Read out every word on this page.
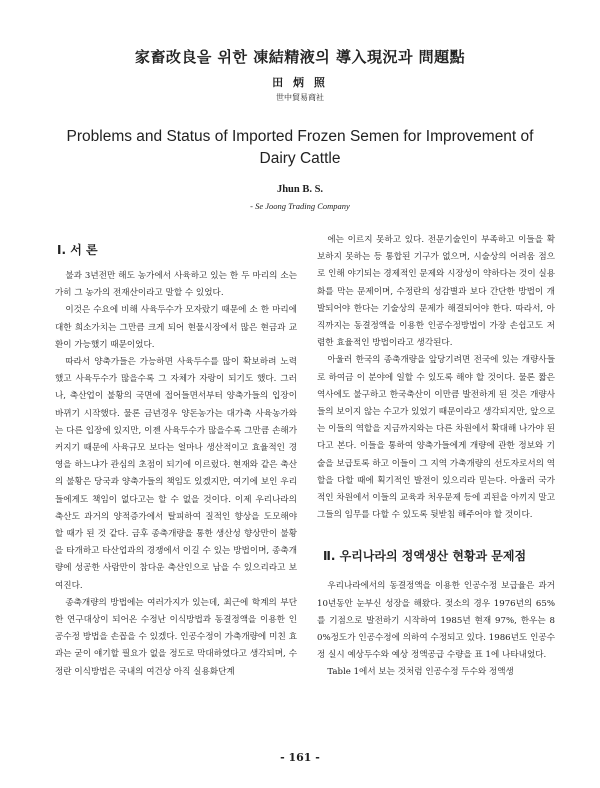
家畜改良을 위한 凍結精液의 導入現況과 問題點
田 炳 照
世中貿易商社
Problems and Status of Imported Frozen Semen for Improvement of Dairy Cattle
Jhun B. S.
- Se Joong Trading Company
Ⅰ. 서 론

불과 3년전만 해도 농가에서 사육하고 있는 한 두 마리의 소는 가히 그 농가의 전재산이라고 말할 수 있었다.

이것은 수요에 비해 사육두수가 모자랐기 때문에 소 한 마리에 대한 희소가치는 그만큼 크게 되어 현물시장에서 많은 현금과 교환이 가능했기 때문이었다.

따라서 양축가들은 가능하면 사육두수를 많이 확보하려 노력했고 사육두수가 많을수록 그 자체가 자랑이 되기도 했다. 그러나, 축산업이 불황의 국면에 접어들면서부터 양축가들의 입장이 바뀌기 시작했다. 물론 금년경우 양돈농가는 대가축 사육농가와는 다른 입장에 있지만, 이젠 사육두수가 많을수록 그만큼 손해가 커지기 때문에 사육규모 보다는 얼마나 생산적이고 효율적인 경영을 하느냐가 관심의 초점이 되기에 이르렀다. 현재와 같은 축산의 불황은 당국과 양축가들의 책임도 있겠지만, 여기에 보인 우리들에게도 책임이 없다고는 할 수 없을 것이다. 이제 우리나라의 축산도 과거의 양적증가에서 탈피하여 질적인 향상을 도모해야 할 때가 된 것 같다. 금후 종축개량을 통한 생산성 향상만이 불황을 타개하고 타산업과의 경쟁에서 이길 수 있는 방법이며, 종축개량에 성공한 사람만이 참다운 축산인으로 남을 수 있으리라고 보여진다.

종축개량의 방법에는 여러가지가 있는데, 최근에 학계의 부단한 연구대상이 되어온 수정난 이식방법과 동결정액을 이용한 인공수정 방법을 손꼽을 수 있겠다. 인공수정이 가축개량에 미친 효과는 굳이 얘기할 필요가 없을 정도로 막대하였다고 생각되며, 수정란 이식방법은 국내의 여건상 아직 실용화단계

에는 이르지 못하고 있다. 전문기술인이 부족하고 이들을 확보하지 못하는 등 통합된 기구가 없으며, 시술상의 어려움 점으로 인해 야기되는 경제적인 문제와 시장성이 약하다는 것이 실용화를 막는 문제이며, 수정란의 성감별과 보다 간단한 방법이 개발되어야 한다는 기술상의 문제가 해결되어야 한다. 따라서, 아직까지는 동결정액을 이용한 인공수정방법이 가장 손쉽고도 저렴한 효율적인 방법이라고 생각된다.

아울러 한국의 종축개량을 앞당기려면 전국에 있는 개량사들로 하여금 이 분야에 일할 수 있도록 해야 할 것이다. 물론 짧은 역사에도 불구하고 한국축산이 이만큼 발전하게 된 것은 개량사들의 보이지 않는 수고가 있었기 때문이라고 생각되지만, 앞으로는 이들의 역할을 지금까지와는 다른 차원에서 확대해 나가야 된다고 본다. 이들을 통하여 양축가들에게 개량에 관한 정보와 기술을 보급토록 하고 이들이 그 지역 가축개량의 선도자로서의 역할을 다할 때에 획기적인 발전이 있으리라 믿는다. 아울러 국가적인 차원에서 이들의 교육과 처우문제 등에 괴된을 아끼지 말고 그들의 임무를 다할 수 있도록 뒷받침 해주어야 할 것이다.

Ⅱ. 우리나라의 정액생산 현황과 문제점

우리나라에서의 동결정액을 이용한 인공수정 보급율은 과거 10년동안 눈부신 성장을 해왔다. 젖소의 경우 1976년의 65%를 기점으로 발전하기 시작하여 1985년 현재 97%, 한우는 80%정도가 인공수정에 의하여 수정되고 있다. 1986년도 인공수정 실시 예상두수와 예상 정액공급 수량을 표 1에 나타내었다.

Table 1에서 보는 것처럼 인공수정 두수와 정액생

- 161 -
